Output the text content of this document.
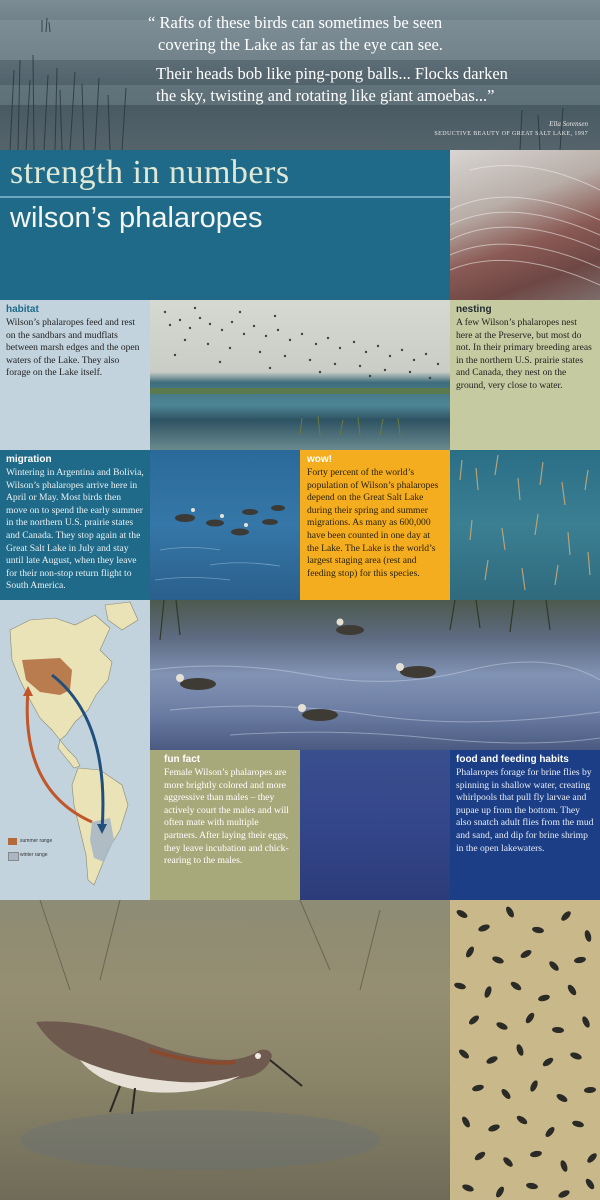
“ Rafts of these birds can sometimes be seen
covering the Lake as far as the eye can see.
Their heads bob like ping-pong balls... Flocks darken
the sky, twisting and rotating like giant amoebas...”
Ella Sorensen
SEDUCTIVE BEAUTY OF GREAT SALT LAKE, 1997
strength in numbers
wilson’s phalaropes
habitat
Wilson’s phalaropes feed and rest on the sandbars and mudflats between marsh edges and the open waters of the Lake. They also forage on the Lake itself.
nesting
A few Wilson’s phalaropes nest here at the Preserve, but most do not. In their primary breeding areas in the northern U.S. prairie states and Canada, they nest on the ground, very close to water.
migration
Wintering in Argentina and Bolivia, Wilson’s phalaropes arrive here in April or May. Most birds then move on to spend the early summer in the northern U.S. prairie states and Canada. They stop again at the Great Salt Lake in July and stay until late August, when they leave for their non-stop return flight to South America.
wow!
Forty percent of the world’s population of Wilson’s phalaropes depend on the Great Salt Lake during their spring and summer migrations. As many as 600,000 have been counted in one day at the Lake. The Lake is the world’s largest staging area (rest and feeding stop) for this species.
summer range
winter range
fun fact
Female Wilson’s phalaropes are more brightly colored and more aggressive than males – they actively court the males and will often mate with multiple partners. After laying their eggs, they leave incubation and chick-rearing to the males.
food and feeding habits
Phalaropes forage for brine flies by spinning in shallow water, creating whirlpools that pull fly larvae and pupae up from the bottom. They also snatch adult flies from the mud and sand, and dip for brine shrimp in the open lakewaters.
